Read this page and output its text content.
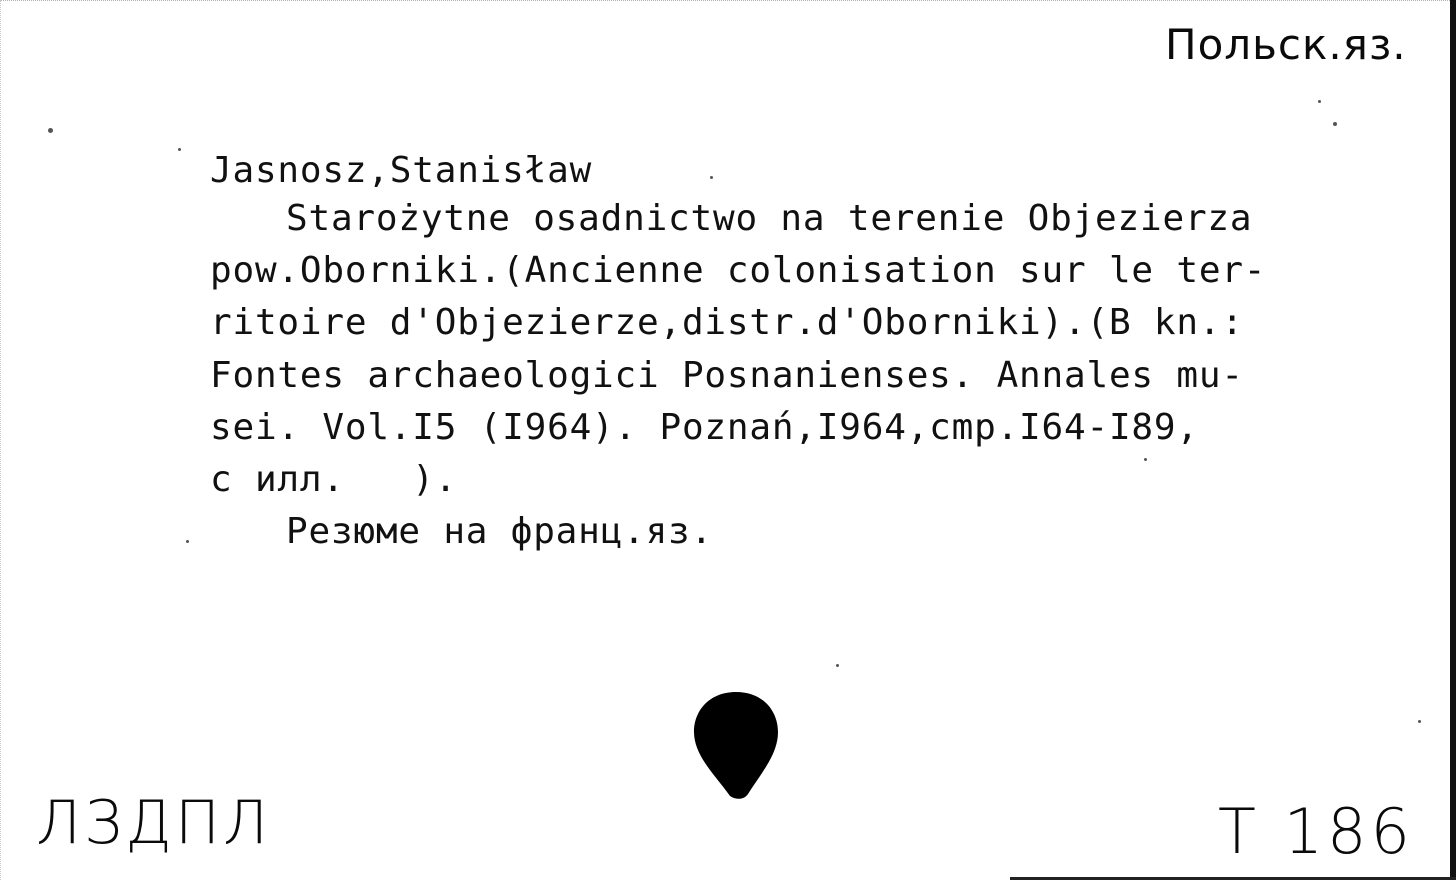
Польск.яз.
Jasnosz,Stanisław
Starożytne osadnictwo na terenie Objezierza
pow.Oborniki.(Ancienne colonisation sur le ter-
ritoire d'Objezierze,distr.d'Oborniki).(B kn.:
Fontes archaeologici Posnanienses. Annales mu-
sei. Vol.I5 (I964). Poznań,I964,cmp.I64-I89,
с илл.   ).
Резюме на франц.яз.
ЛЗДПЛ	Т 186
